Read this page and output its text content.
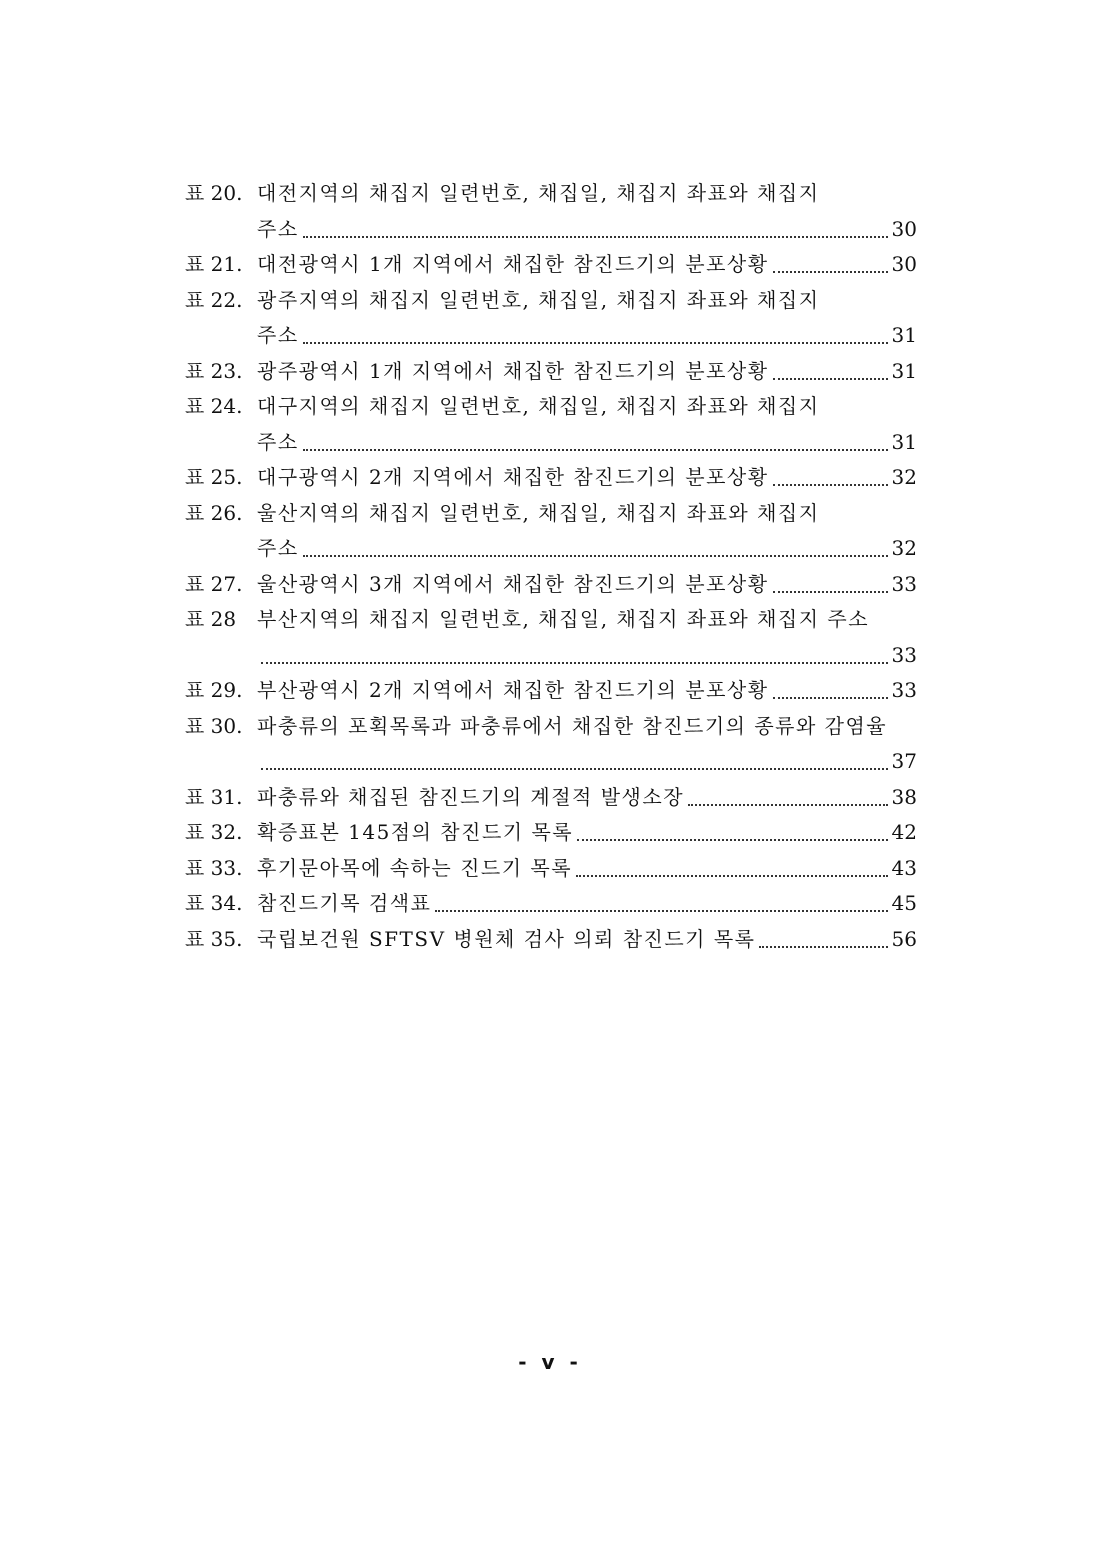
표 20. 대전지역의 채집지 일련번호, 채집일, 채집지 좌표와 채집지
주소	30
표 21. 대전광역시 1개 지역에서 채집한 참진드기의 분포상황	30
표 22. 광주지역의 채집지 일련번호, 채집일, 채집지 좌표와 채집지
주소	31
표 23. 광주광역시 1개 지역에서 채집한 참진드기의 분포상황	31
표 24. 대구지역의 채집지 일련번호, 채집일, 채집지 좌표와 채집지
주소	31
표 25. 대구광역시 2개 지역에서 채집한 참진드기의 분포상황	32
표 26. 울산지역의 채집지 일련번호, 채집일, 채집지 좌표와 채집지
주소	32
표 27. 울산광역시 3개 지역에서 채집한 참진드기의 분포상황	33
표 28	부산지역의 채집지 일련번호, 채집일, 채집지 좌표와 채집지 주소
33
표 29. 부산광역시 2개 지역에서 채집한 참진드기의 분포상황	33
표 30. 파충류의 포획목록과 파충류에서 채집한 참진드기의 종류와 감염율
37
표 31. 파충류와 채집된 참진드기의 계절적 발생소장	38
표 32. 확증표본 145점의 참진드기 목록	42
표 33. 후기문아목에 속하는 진드기 목록	43
표 34. 참진드기목 검색표	45
표 35. 국립보건원 SFTSV 병원체 검사 의뢰 참진드기 목록	56
- v -
